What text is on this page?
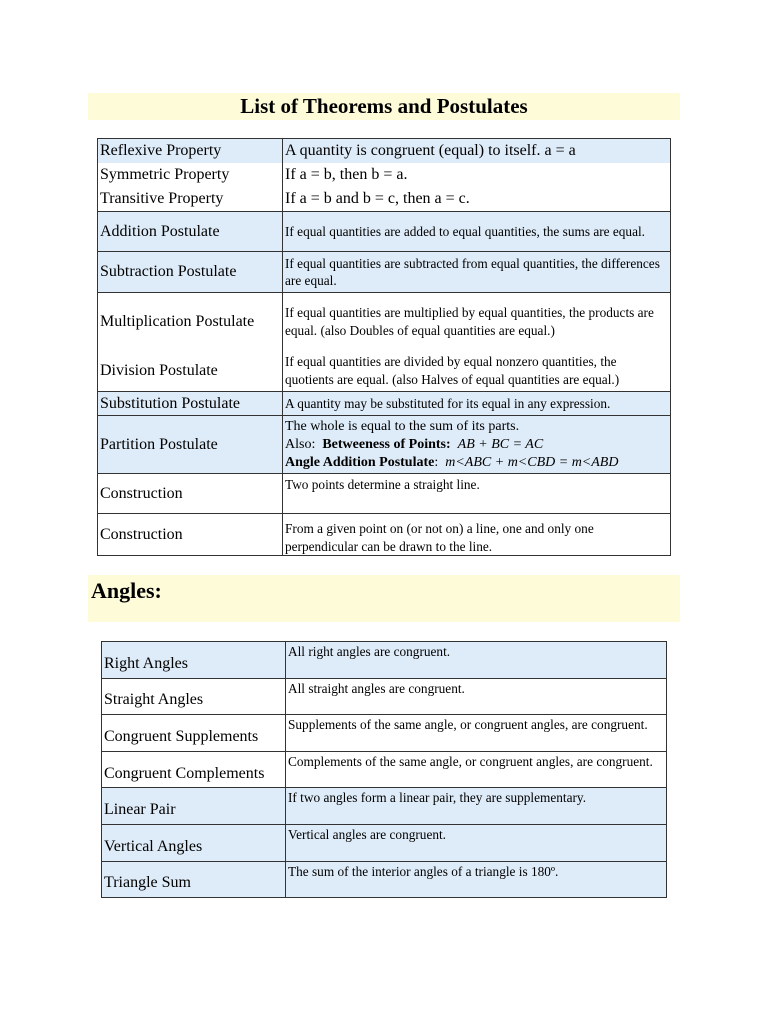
List of Theorems and Postulates
Reflexive Property	A quantity is congruent (equal) to itself. a = a
Symmetric Property	If a = b, then b = a.
Transitive Property	If a = b and b = c, then a = c.
Addition Postulate	If equal quantities are added to equal quantities, the sums are equal.
Subtraction Postulate	If equal quantities are subtracted from equal quantities, the differences are equal.
Multiplication Postulate	If equal quantities are multiplied by equal quantities, the products are equal. (also Doubles of equal quantities are equal.)
Division Postulate	If equal quantities are divided by equal nonzero quantities, the quotients are equal. (also Halves of equal quantities are equal.)
Substitution Postulate	A quantity may be substituted for its equal in any expression.
Partition Postulate	The whole is equal to the sum of its parts.
Also: Betweeness of Points: AB + BC = AC
Angle Addition Postulate:  m<ABC + m<CBD = m<ABD

Construction	Two points determine a straight line.
Construction	From a given point on (or not on) a line, one and only one perpendicular can be drawn to the line.
Angles:
Right Angles	All right angles are congruent.
Straight Angles	All straight angles are congruent.
Congruent Supplements	Supplements of the same angle, or congruent angles, are congruent.
Congruent Complements	Complements of the same angle, or congruent angles, are congruent.
Linear Pair	If two angles form a linear pair, they are supplementary.
Vertical Angles	Vertical angles are congruent.
Triangle Sum	The sum of the interior angles of a triangle is 180º.
